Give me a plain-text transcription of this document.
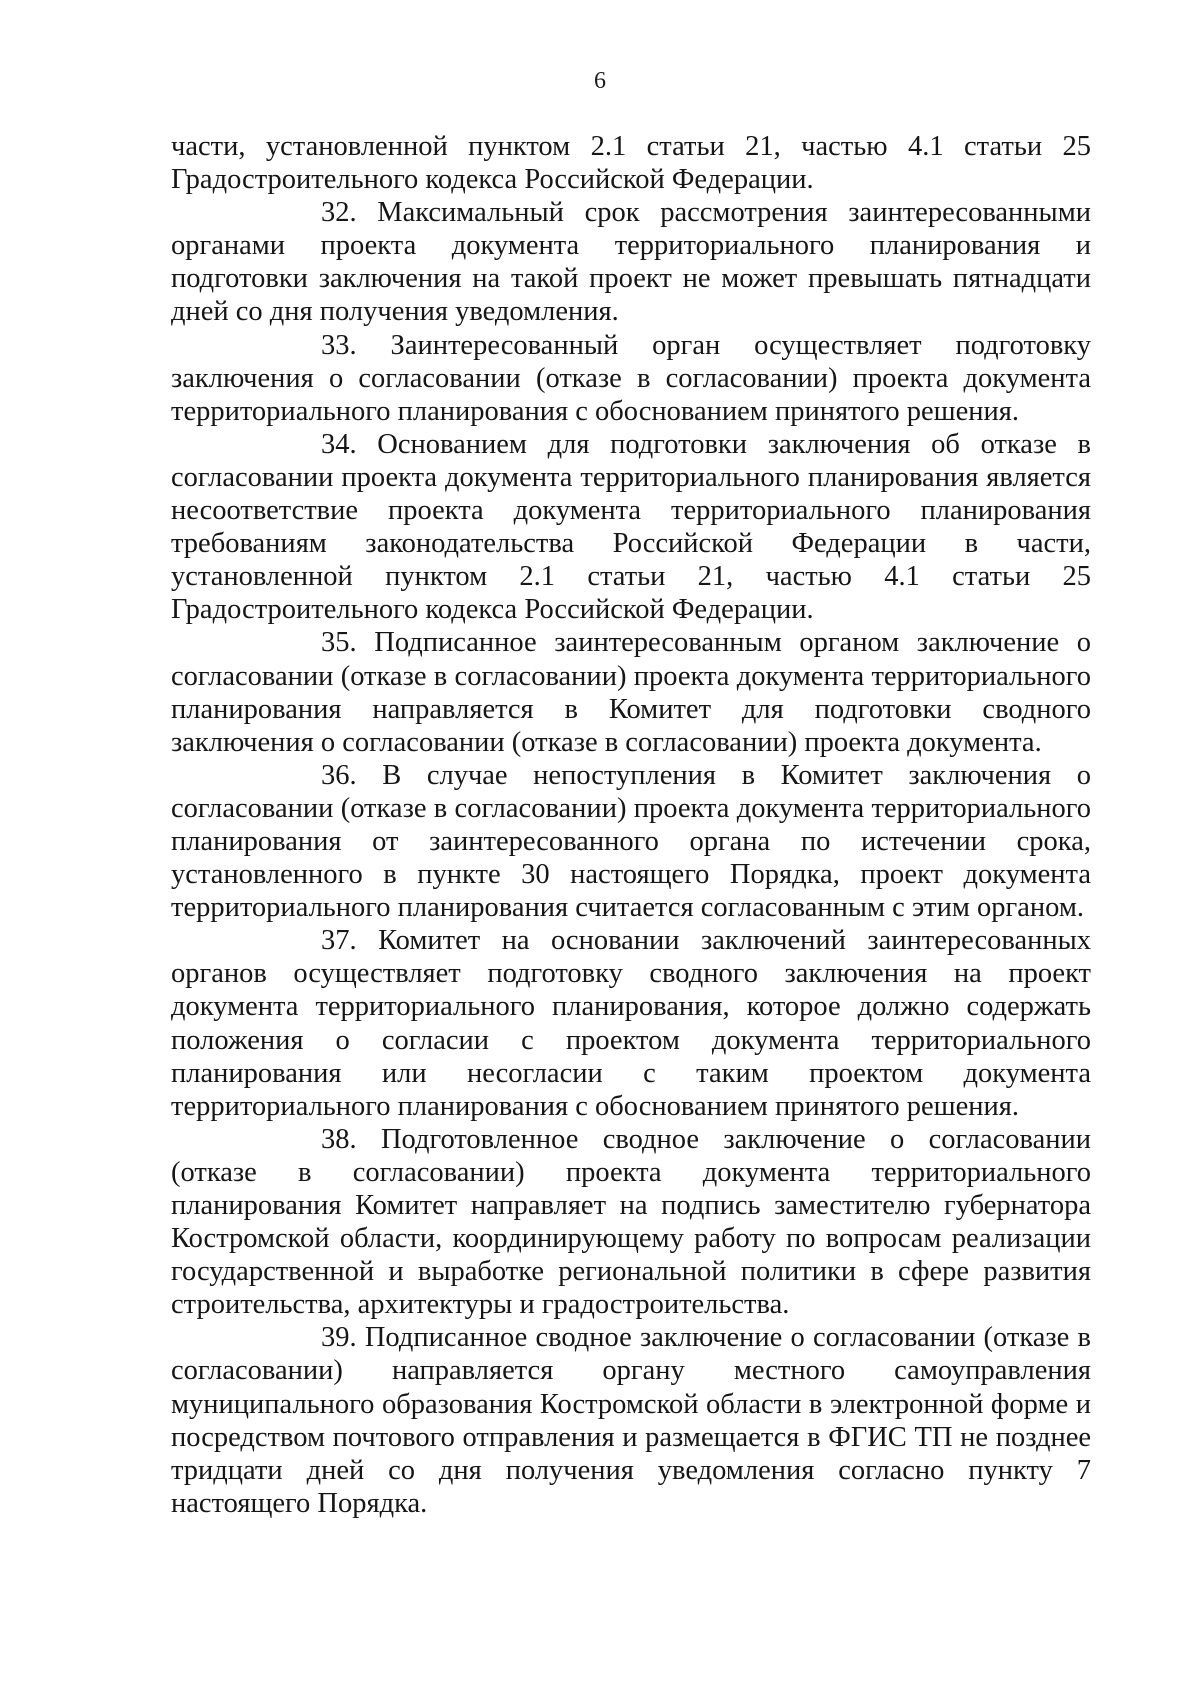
6

части, установленной пунктом 2.1 статьи 21, частью 4.1 статьи 25 Градостроительного кодекса Российской Федерации.

32. Максимальный срок рассмотрения заинтересованными органами проекта документа территориального планирования и подготовки заключения на такой проект не может превышать пятнадцати дней со дня получения уведомления.

33. Заинтересованный орган осуществляет подготовку заключения о согласовании (отказе в согласовании) проекта документа территориального планирования с обоснованием принятого решения.

34. Основанием для подготовки заключения об отказе в согласовании проекта документа территориального планирования является несоответствие проекта документа территориального планирования требованиям законодательства Российской Федерации в части, установленной пунктом 2.1 статьи 21, частью 4.1 статьи 25 Градостроительного кодекса Российской Федерации.

35. Подписанное заинтересованным органом заключение о согласовании (отказе в согласовании) проекта документа территориального планирования направляется в Комитет для подготовки сводного заключения о согласовании (отказе в согласовании) проекта документа.

36. В случае непоступления в Комитет заключения о согласовании (отказе в согласовании) проекта документа территориального планирования от заинтересованного органа по истечении срока, установленного в пункте 30 настоящего Порядка, проект документа территориального планирования считается согласованным с этим органом.

37. Комитет на основании заключений заинтересованных органов осуществляет подготовку сводного заключения на проект документа территориального планирования, которое должно содержать положения о согласии с проектом документа территориального планирования или несогласии с таким проектом документа территориального планирования с обоснованием принятого решения.

38. Подготовленное сводное заключение о согласовании (отказе в согласовании) проекта документа территориального планирования Комитет направляет на подпись заместителю губернатора Костромской области, координирующему работу по вопросам реализации государственной и выработке региональной политики в сфере развития строительства, архитектуры и градостроительства.

39. Подписанное сводное заключение о согласовании (отказе в согласовании) направляется органу местного самоуправления муниципального образования Костромской области в электронной форме и посредством почтового отправления и размещается в ФГИС ТП не позднее тридцати дней со дня получения уведомления согласно пункту 7 настоящего Порядка.
